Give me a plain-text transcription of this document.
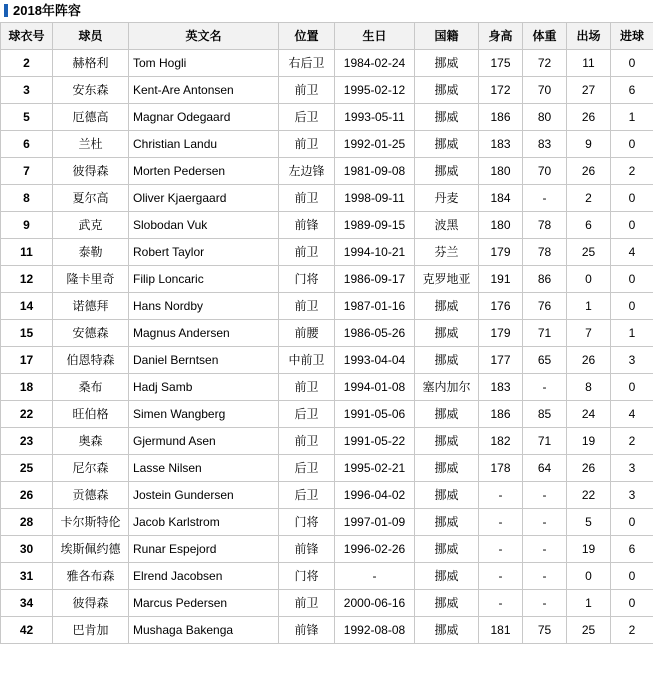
2018年阵容
球衣号	球员	英文名	位置	生日	国籍	身高	体重	出场	进球
2	赫格利	Tom Hogli	右后卫	1984-02-24	挪威	175	72	11	0
3	安东森	Kent-Are Antonsen	前卫	1995-02-12	挪威	172	70	27	6
5	厄德高	Magnar Odegaard	后卫	1993-05-11	挪威	186	80	26	1
6	兰杜	Christian Landu	前卫	1992-01-25	挪威	183	83	9	0
7	彼得森	Morten Pedersen	左边锋	1981-09-08	挪威	180	70	26	2
8	夏尔高	Oliver Kjaergaard	前卫	1998-09-11	丹麦	184	-	2	0
9	武克	Slobodan Vuk	前锋	1989-09-15	波黑	180	78	6	0
11	泰勒	Robert Taylor	前卫	1994-10-21	芬兰	179	78	25	4
12	隆卡里奇	Filip Loncaric	门将	1986-09-17	克罗地亚	191	86	0	0
14	诺德拜	Hans Nordby	前卫	1987-01-16	挪威	176	76	1	0
15	安德森	Magnus Andersen	前腰	1986-05-26	挪威	179	71	7	1
17	伯恩特森	Daniel Berntsen	中前卫	1993-04-04	挪威	177	65	26	3
18	桑布	Hadj Samb	前卫	1994-01-08	塞内加尔	183	-	8	0
22	旺伯格	Simen Wangberg	后卫	1991-05-06	挪威	186	85	24	4
23	奥森	Gjermund Asen	前卫	1991-05-22	挪威	182	71	19	2
25	尼尔森	Lasse Nilsen	后卫	1995-02-21	挪威	178	64	26	3
26	贡德森	Jostein Gundersen	后卫	1996-04-02	挪威	-	-	22	3
28	卡尔斯特伦	Jacob Karlstrom	门将	1997-01-09	挪威	-	-	5	0
30	埃斯佩约德	Runar Espejord	前锋	1996-02-26	挪威	-	-	19	6
31	雅各布森	Elrend Jacobsen	门将	-	挪威	-	-	0	0
34	彼得森	Marcus Pedersen	前卫	2000-06-16	挪威	-	-	1	0
42	巴肯加	Mushaga Bakenga	前锋	1992-08-08	挪威	181	75	25	2
